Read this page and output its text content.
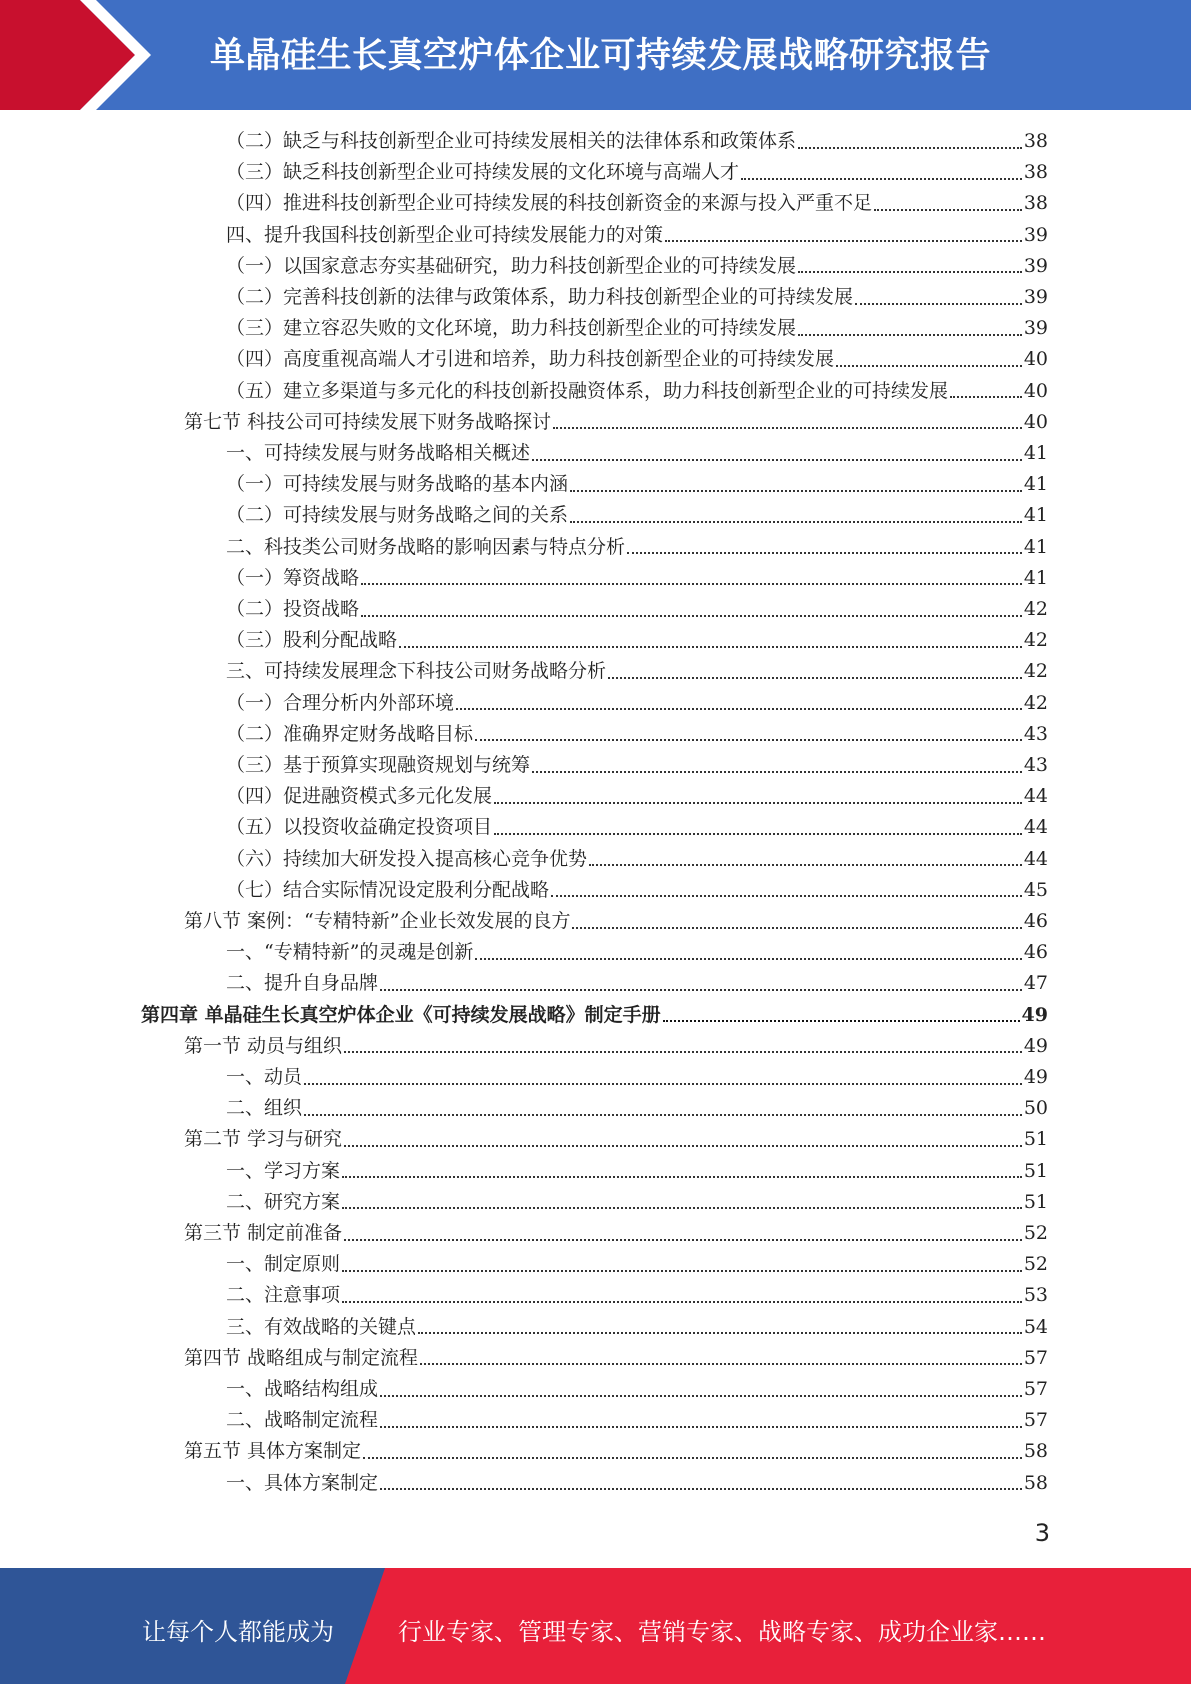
单晶硅生长真空炉体企业可持续发展战略研究报告
（二）缺乏与科技创新型企业可持续发展相关的法律体系和政策体系	38
（三）缺乏科技创新型企业可持续发展的文化环境与高端人才	38
（四）推进科技创新型企业可持续发展的科技创新资金的来源与投入严重不足	38
四、提升我国科技创新型企业可持续发展能力的对策	39
（一）以国家意志夯实基础研究，助力科技创新型企业的可持续发展	39
（二）完善科技创新的法律与政策体系，助力科技创新型企业的可持续发展	39
（三）建立容忍失败的文化环境，助力科技创新型企业的可持续发展	39
（四）高度重视高端人才引进和培养，助力科技创新型企业的可持续发展	40
（五）建立多渠道与多元化的科技创新投融资体系，助力科技创新型企业的可持续发展	40
第七节 科技公司可持续发展下财务战略探讨	40
一、可持续发展与财务战略相关概述	41
（一）可持续发展与财务战略的基本内涵	41
（二）可持续发展与财务战略之间的关系	41
二、科技类公司财务战略的影响因素与特点分析	41
（一）筹资战略	41
（二）投资战略	42
（三）股利分配战略	42
三、可持续发展理念下科技公司财务战略分析	42
（一）合理分析内外部环境	42
（二）准确界定财务战略目标	43
（三）基于预算实现融资规划与统筹	43
（四）促进融资模式多元化发展	44
（五）以投资收益确定投资项目	44
（六）持续加大研发投入提高核心竞争优势	44
（七）结合实际情况设定股利分配战略	45
第八节 案例：“专精特新”企业长效发展的良方	46
一、“专精特新”的灵魂是创新	46
二、提升自身品牌	47
第四章 单晶硅生长真空炉体企业《可持续发展战略》制定手册	49
第一节 动员与组织	49
一、动员	49
二、组织	50
第二节 学习与研究	51
一、学习方案	51
二、研究方案	51
第三节 制定前准备	52
一、制定原则	52
二、注意事项	53
三、有效战略的关键点	54
第四节 战略组成与制定流程	57
一、战略结构组成	57
二、战略制定流程	57
第五节 具体方案制定	58
一、具体方案制定	58
3
让每个人都能成为	行业专家、管理专家、营销专家、战略专家、成功企业家……
